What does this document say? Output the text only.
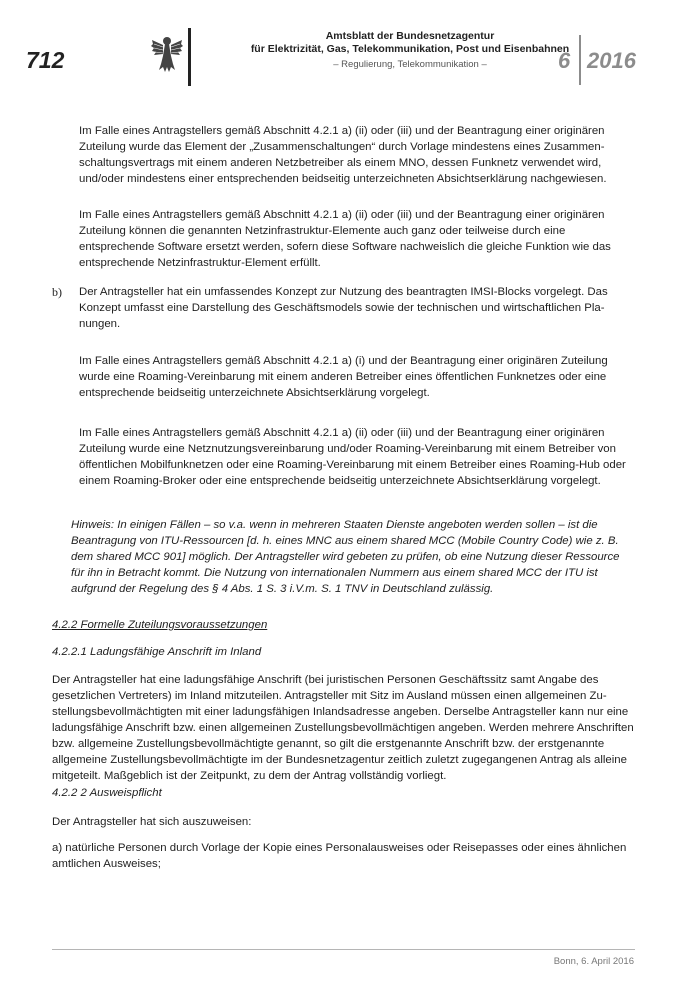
712
Amtsblatt der Bundesnetzagentur
für Elektrizität, Gas, Telekommunikation, Post und Eisenbahnen
– Regulierung, Telekommunikation –	6 2016

Im Falle eines Antragstellers gemäß Abschnitt 4.2.1 a) (ii) oder (iii) und der Beantragung einer originären Zuteilung wurde das Element der „Zusammenschaltungen“ durch Vorlage mindestens eines Zusammenschaltungsvertrags mit einem anderen Netzbetreiber als einem MNO, dessen Funknetz verwendet wird, und/oder mindestens einer entsprechenden beidseitig unterzeichneten Absichtserklärung nachgewiesen.

Im Falle eines Antragstellers gemäß Abschnitt 4.2.1 a) (ii) oder (iii) und der Beantragung einer originären Zuteilung können die genannten Netzinfrastruktur-Elemente auch ganz oder teilweise durch eine entsprechende Software ersetzt werden, sofern diese Software nachweislich die gleiche Funktion wie das entsprechende Netzinfrastruktur-Element erfüllt.

b) Der Antragsteller hat ein umfassendes Konzept zur Nutzung des beantragten IMSI-Blocks vorgelegt. Das Konzept umfasst eine Darstellung des Geschäftsmodels sowie der technischen und wirtschaftlichen Planungen.

Im Falle eines Antragstellers gemäß Abschnitt 4.2.1 a) (i) und der Beantragung einer originären Zuteilung wurde eine Roaming-Vereinbarung mit einem anderen Betreiber eines öffentlichen Funknetzes oder eine entsprechende beidseitig unterzeichnete Absichtserklärung vorgelegt.

Im Falle eines Antragstellers gemäß Abschnitt 4.2.1 a) (ii) oder (iii) und der Beantragung einer originären Zuteilung wurde eine Netznutzungsvereinbarung und/oder Roaming-Vereinbarung mit einem Betreiber von öffentlichen Mobilfunknetzen oder eine Roaming-Vereinbarung mit einem Betreiber eines Roaming-Hub oder einem Roaming-Broker oder eine entsprechende beidseitig unterzeichnete Absichtserklärung vorgelegt.

Hinweis: In einigen Fällen – so v.a. wenn in mehreren Staaten Dienste angeboten werden sollen – ist die Beantragung von ITU-Ressourcen [d. h. eines MNC aus einem shared MCC (Mobile Country Code) wie z. B. dem shared MCC 901] möglich. Der Antragsteller wird gebeten zu prüfen, ob eine Nutzung dieser Ressource für ihn in Betracht kommt. Die Nutzung von internationalen Nummern aus einem shared MCC der ITU ist aufgrund der Regelung des § 4 Abs. 1 S. 3 i.V.m. S. 1 TNV in Deutschland zulässig.

4.2.2 Formelle Zuteilungsvoraussetzungen

4.2.2.1 Ladungsfähige Anschrift im Inland

Der Antragsteller hat eine ladungsfähige Anschrift (bei juristischen Personen Geschäftssitz samt Angabe des gesetzlichen Vertreters) im Inland mitzuteilen. Antragsteller mit Sitz im Ausland müssen einen allgemeinen Zustellungsbevollmächtigten mit einer ladungsfähigen Inlandsadresse angeben. Derselbe Antragsteller kann nur eine ladungsfähige Anschrift bzw. einen allgemeinen Zustellungsbevollmächtigen angeben. Werden mehrere Anschriften bzw. allgemeine Zustellungsbevollmächtigte genannt, so gilt die erstgenannte Anschrift bzw. der erstgenannte allgemeine Zustellungsbevollmächtigte im der Bundesnetzagentur zeitlich zuletzt zugegangenen Antrag als alleine mitgeteilt. Maßgeblich ist der Zeitpunkt, zu dem der Antrag vollständig vorliegt.

4.2.2 2 Ausweispflicht

Der Antragsteller hat sich auszuweisen:

a) natürliche Personen durch Vorlage der Kopie eines Personalausweises oder Reisepasses oder eines ähnlichen amtlichen Ausweises;

Bonn, 6. April 2016
